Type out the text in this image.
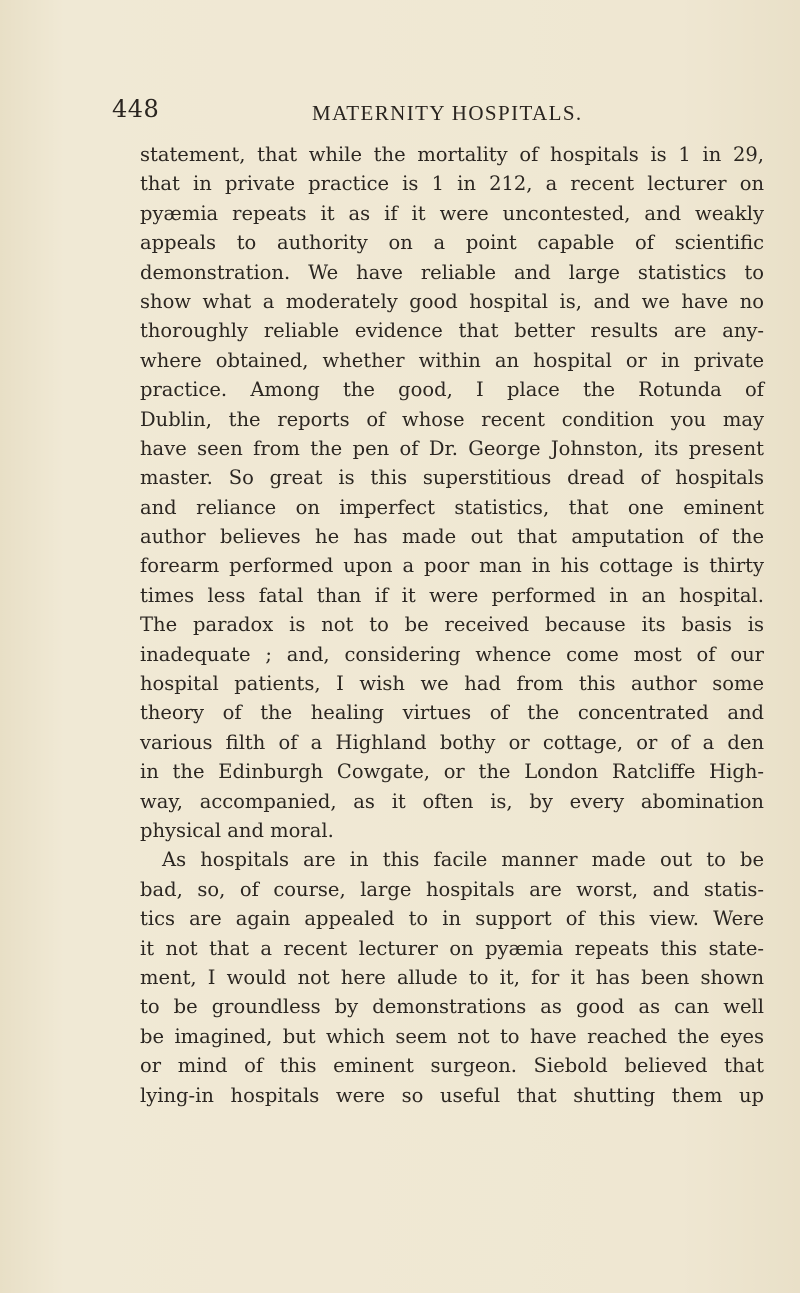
448	MATERNITY HOSPITALS.
statement, that while the mortality of hospitals is 1 in 29,
that in private practice is 1 in 212, a recent lecturer on
pyæmia repeats it as if it were uncontested, and weakly
appeals to authority on a point capable of scientific
demonstration. We have reliable and large statistics to
show what a moderately good hospital is, and we have no
thoroughly reliable evidence that better results are any-
where obtained, whether within an hospital or in private
practice. Among the good, I place the Rotunda of
Dublin, the reports of whose recent condition you may
have seen from the pen of Dr. George Johnston, its present
master. So great is this superstitious dread of hospitals
and reliance on imperfect statistics, that one eminent
author believes he has made out that amputation of the
forearm performed upon a poor man in his cottage is thirty
times less fatal than if it were performed in an hospital.
The paradox is not to be received because its basis is
inadequate ; and, considering whence come most of our
hospital patients, I wish we had from this author some
theory of the healing virtues of the concentrated and
various filth of a Highland bothy or cottage, or of a den
in the Edinburgh Cowgate, or the London Ratcliffe High-
way, accompanied, as it often is, by every abomination
physical and moral.
As hospitals are in this facile manner made out to be
bad, so, of course, large hospitals are worst, and statis-
tics are again appealed to in support of this view. Were
it not that a recent lecturer on pyæmia repeats this state-
ment, I would not here allude to it, for it has been shown
to be groundless by demonstrations as good as can well
be imagined, but which seem not to have reached the eyes
or mind of this eminent surgeon. Siebold believed that
lying-in hospitals were so useful that shutting them up
